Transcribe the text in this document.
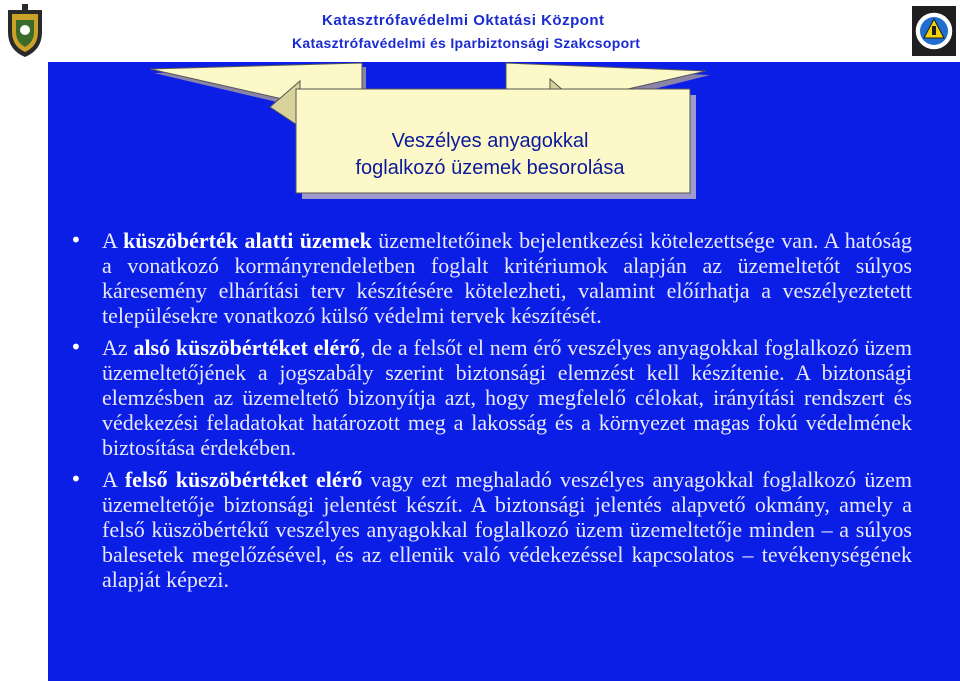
Katasztrófavédelmi Oktatási Központ
Katasztrófavédelmi és Iparbiztonsági Szakcsoport
Veszélyes anyagokkal
foglalkozó üzemek besorolása
• A küszöbérték alatti üzemek üzemeltetőinek bejelentkezési kötelezettsége van. A hatóság a vonatkozó kormányrendeletben foglalt kritériumok alapján az üzemeltetőt súlyos káresemény elhárítási terv készítésére kötelezheti, valamint előírhatja a veszélyeztetett településekre vonatkozó külső védelmi tervek készítését.
• Az alsó küszöbértéket elérő, de a felsőt el nem érő veszélyes anyagokkal foglalkozó üzem üzemeltetőjének a jogszabály szerint biztonsági elemzést kell készítenie. A biztonsági elemzésben az üzemeltető bizonyítja azt, hogy megfelelő célokat, irányítási rendszert és védekezési feladatokat határozott meg a lakosság és a környezet magas fokú védelmének biztosítása érdekében.
• A felső küszöbértéket elérő vagy ezt meghaladó veszélyes anyagokkal foglalkozó üzem üzemeltetője biztonsági jelentést készít. A biztonsági jelentés alapvető okmány, amely a felső küszöbértékű veszélyes anyagokkal foglalkozó üzem üzemeltetője minden – a súlyos balesetek megelőzésével, és az ellenük való védekezéssel kapcsolatos – tevékenységének alapját képezi.
